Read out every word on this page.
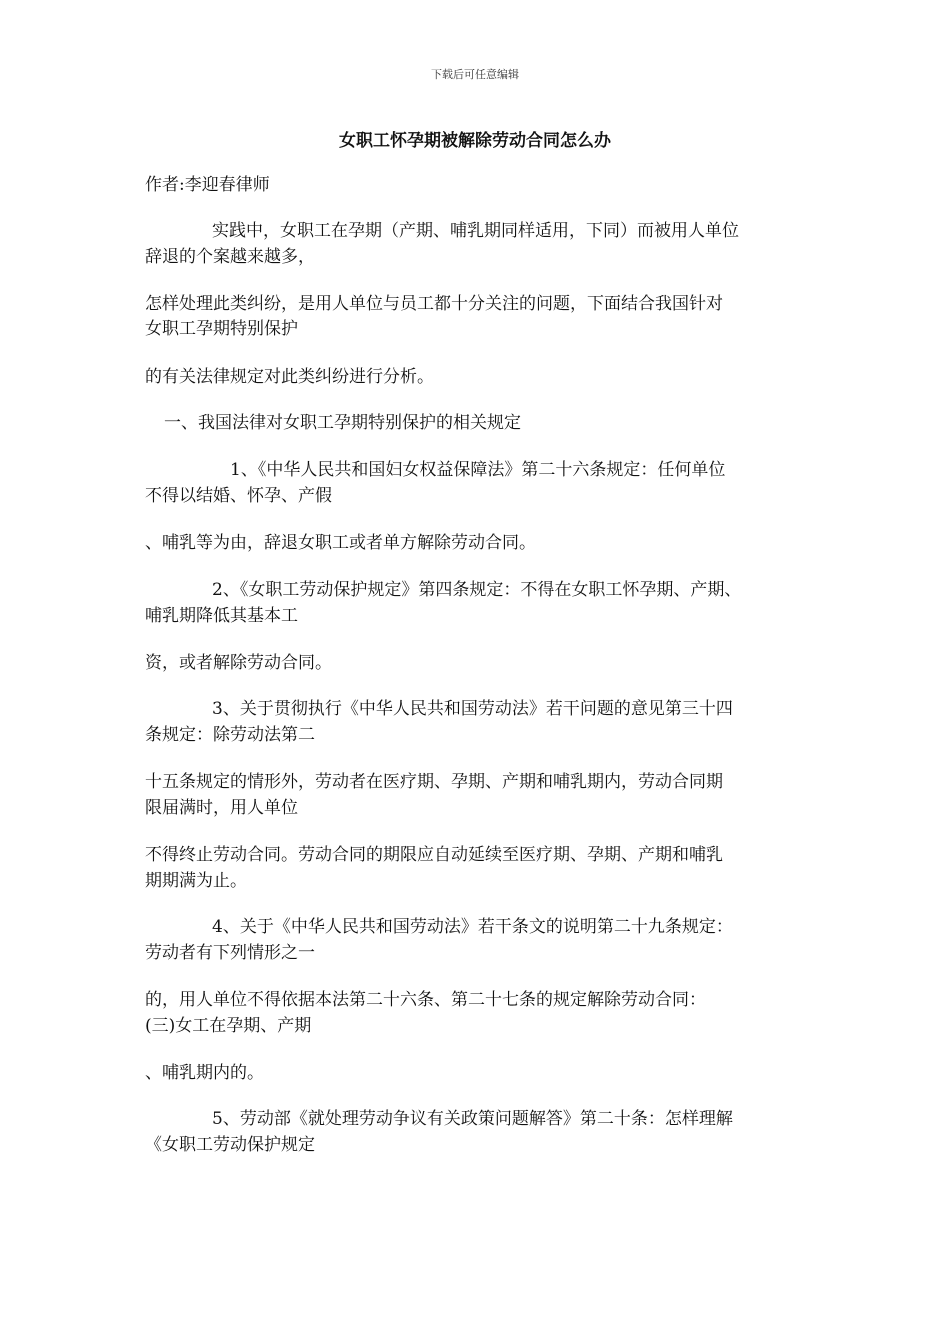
下载后可任意编辑
女职工怀孕期被解除劳动合同怎么办
作者:李迎春律师
实践中，女职工在孕期（产期、哺乳期同样适用，下同）而被用人单位
辞退的个案越来越多，
怎样处理此类纠纷，是用人单位与员工都十分关注的问题，下面结合我国针对
女职工孕期特别保护
的有关法律规定对此类纠纷进行分析。
一、我国法律对女职工孕期特别保护的相关规定
1、《中华人民共和国妇女权益保障法》第二十六条规定：任何单位
不得以结婚、怀孕、产假
、哺乳等为由，辞退女职工或者单方解除劳动合同。
2、《女职工劳动保护规定》第四条规定：不得在女职工怀孕期、产期、
哺乳期降低其基本工
资，或者解除劳动合同。
3、关于贯彻执行《中华人民共和国劳动法》若干问题的意见第三十四
条规定：除劳动法第二
十五条规定的情形外，劳动者在医疗期、孕期、产期和哺乳期内，劳动合同期
限届满时，用人单位
不得终止劳动合同。劳动合同的期限应自动延续至医疗期、孕期、产期和哺乳
期期满为止。
4、关于《中华人民共和国劳动法》若干条文的说明第二十九条规定：
劳动者有下列情形之一
的，用人单位不得依据本法第二十六条、第二十七条的规定解除劳动合同：
(三)女工在孕期、产期
、哺乳期内的。
5、劳动部《就处理劳动争议有关政策问题解答》第二十条：怎样理解
《女职工劳动保护规定
